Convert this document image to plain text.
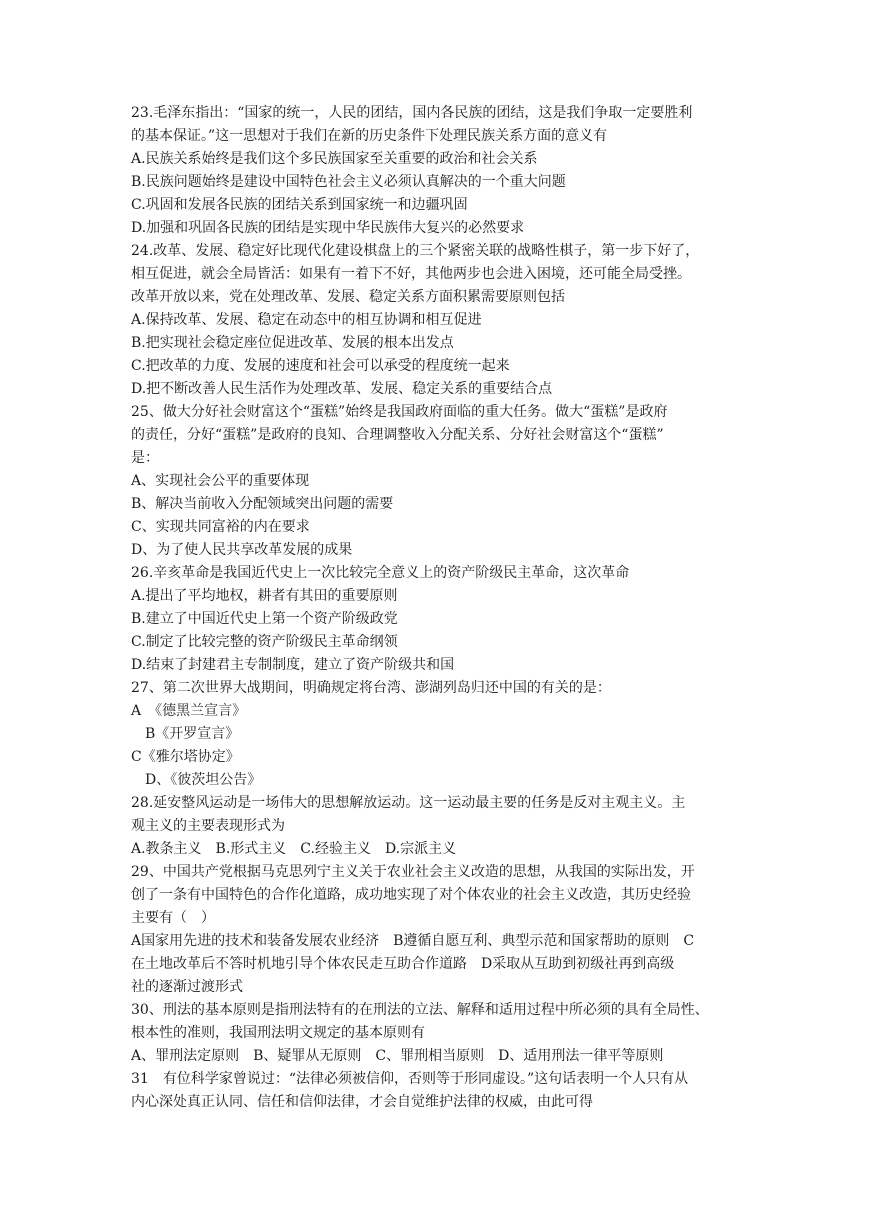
23.毛泽东指出：“国家的统一，人民的团结，国内各民族的团结，这是我们争取一定要胜利
的基本保证。”这一思想对于我们在新的历史条件下处理民族关系方面的意义有
A.民族关系始终是我们这个多民族国家至关重要的政治和社会关系
B.民族问题始终是建设中国特色社会主义必须认真解决的一个重大问题
C.巩固和发展各民族的团结关系到国家统一和边疆巩固
D.加强和巩固各民族的团结是实现中华民族伟大复兴的必然要求
24.改革、发展、稳定好比现代化建设棋盘上的三个紧密关联的战略性棋子，第一步下好了，
相互促进，就会全局皆活：如果有一着下不好，其他两步也会进入困境，还可能全局受挫。
改革开放以来，党在处理改革、发展、稳定关系方面积累需要原则包括
A.保持改革、发展、稳定在动态中的相互协调和相互促进
B.把实现社会稳定座位促进改革、发展的根本出发点
C.把改革的力度、发展的速度和社会可以承受的程度统一起来
D.把不断改善人民生活作为处理改革、发展、稳定关系的重要结合点
25、做大分好社会财富这个“蛋糕”始终是我国政府面临的重大任务。做大“蛋糕”是政府
的责任，分好“蛋糕”是政府的良知、合理调整收入分配关系、分好社会财富这个“蛋糕”
是：
A、实现社会公平的重要体现
B、解决当前收入分配领域突出问题的需要
C、实现共同富裕的内在要求
D、为了使人民共享改革发展的成果
26.辛亥革命是我国近代史上一次比较完全意义上的资产阶级民主革命，这次革命
A.提出了平均地权，耕者有其田的重要原则
B.建立了中国近代史上第一个资产阶级政党
C.制定了比较完整的资产阶级民主革命纲领
D.结束了封建君主专制制度，建立了资产阶级共和国
27、第二次世界大战期间，明确规定将台湾、澎湖列岛归还中国的有关的是：
A　《德黑兰宣言》
　B《开罗宣言》
C《雅尔塔协定》
　D、《彼茨坦公告》
28.延安整风运动是一场伟大的思想解放运动。这一运动最主要的任务是反对主观主义。主
观主义的主要表现形式为
A.教条主义　B.形式主义　C.经验主义　D.宗派主义
29、中国共产党根据马克思列宁主义关于农业社会主义改造的思想，从我国的实际出发，开
创了一条有中国特色的合作化道路，成功地实现了对个体农业的社会主义改造，其历史经验
主要有（　）
A国家用先进的技术和装备发展农业经济　B遵循自愿互利、典型示范和国家帮助的原则　C
在土地改革后不答时机地引导个体农民走互助合作道路　D采取从互助到初级社再到高级
社的逐渐过渡形式
30、刑法的基本原则是指刑法特有的在刑法的立法、解释和适用过程中所必须的具有全局性、
根本性的准则，我国刑法明文规定的基本原则有
A、罪刑法定原则　B、疑罪从无原则　C、罪刑相当原则　D、适用刑法一律平等原则
31　有位科学家曾说过：“法律必须被信仰，否则等于形同虚设。”这句话表明一个人只有从
内心深处真正认同、信任和信仰法律，才会自觉维护法律的权威，由此可得
